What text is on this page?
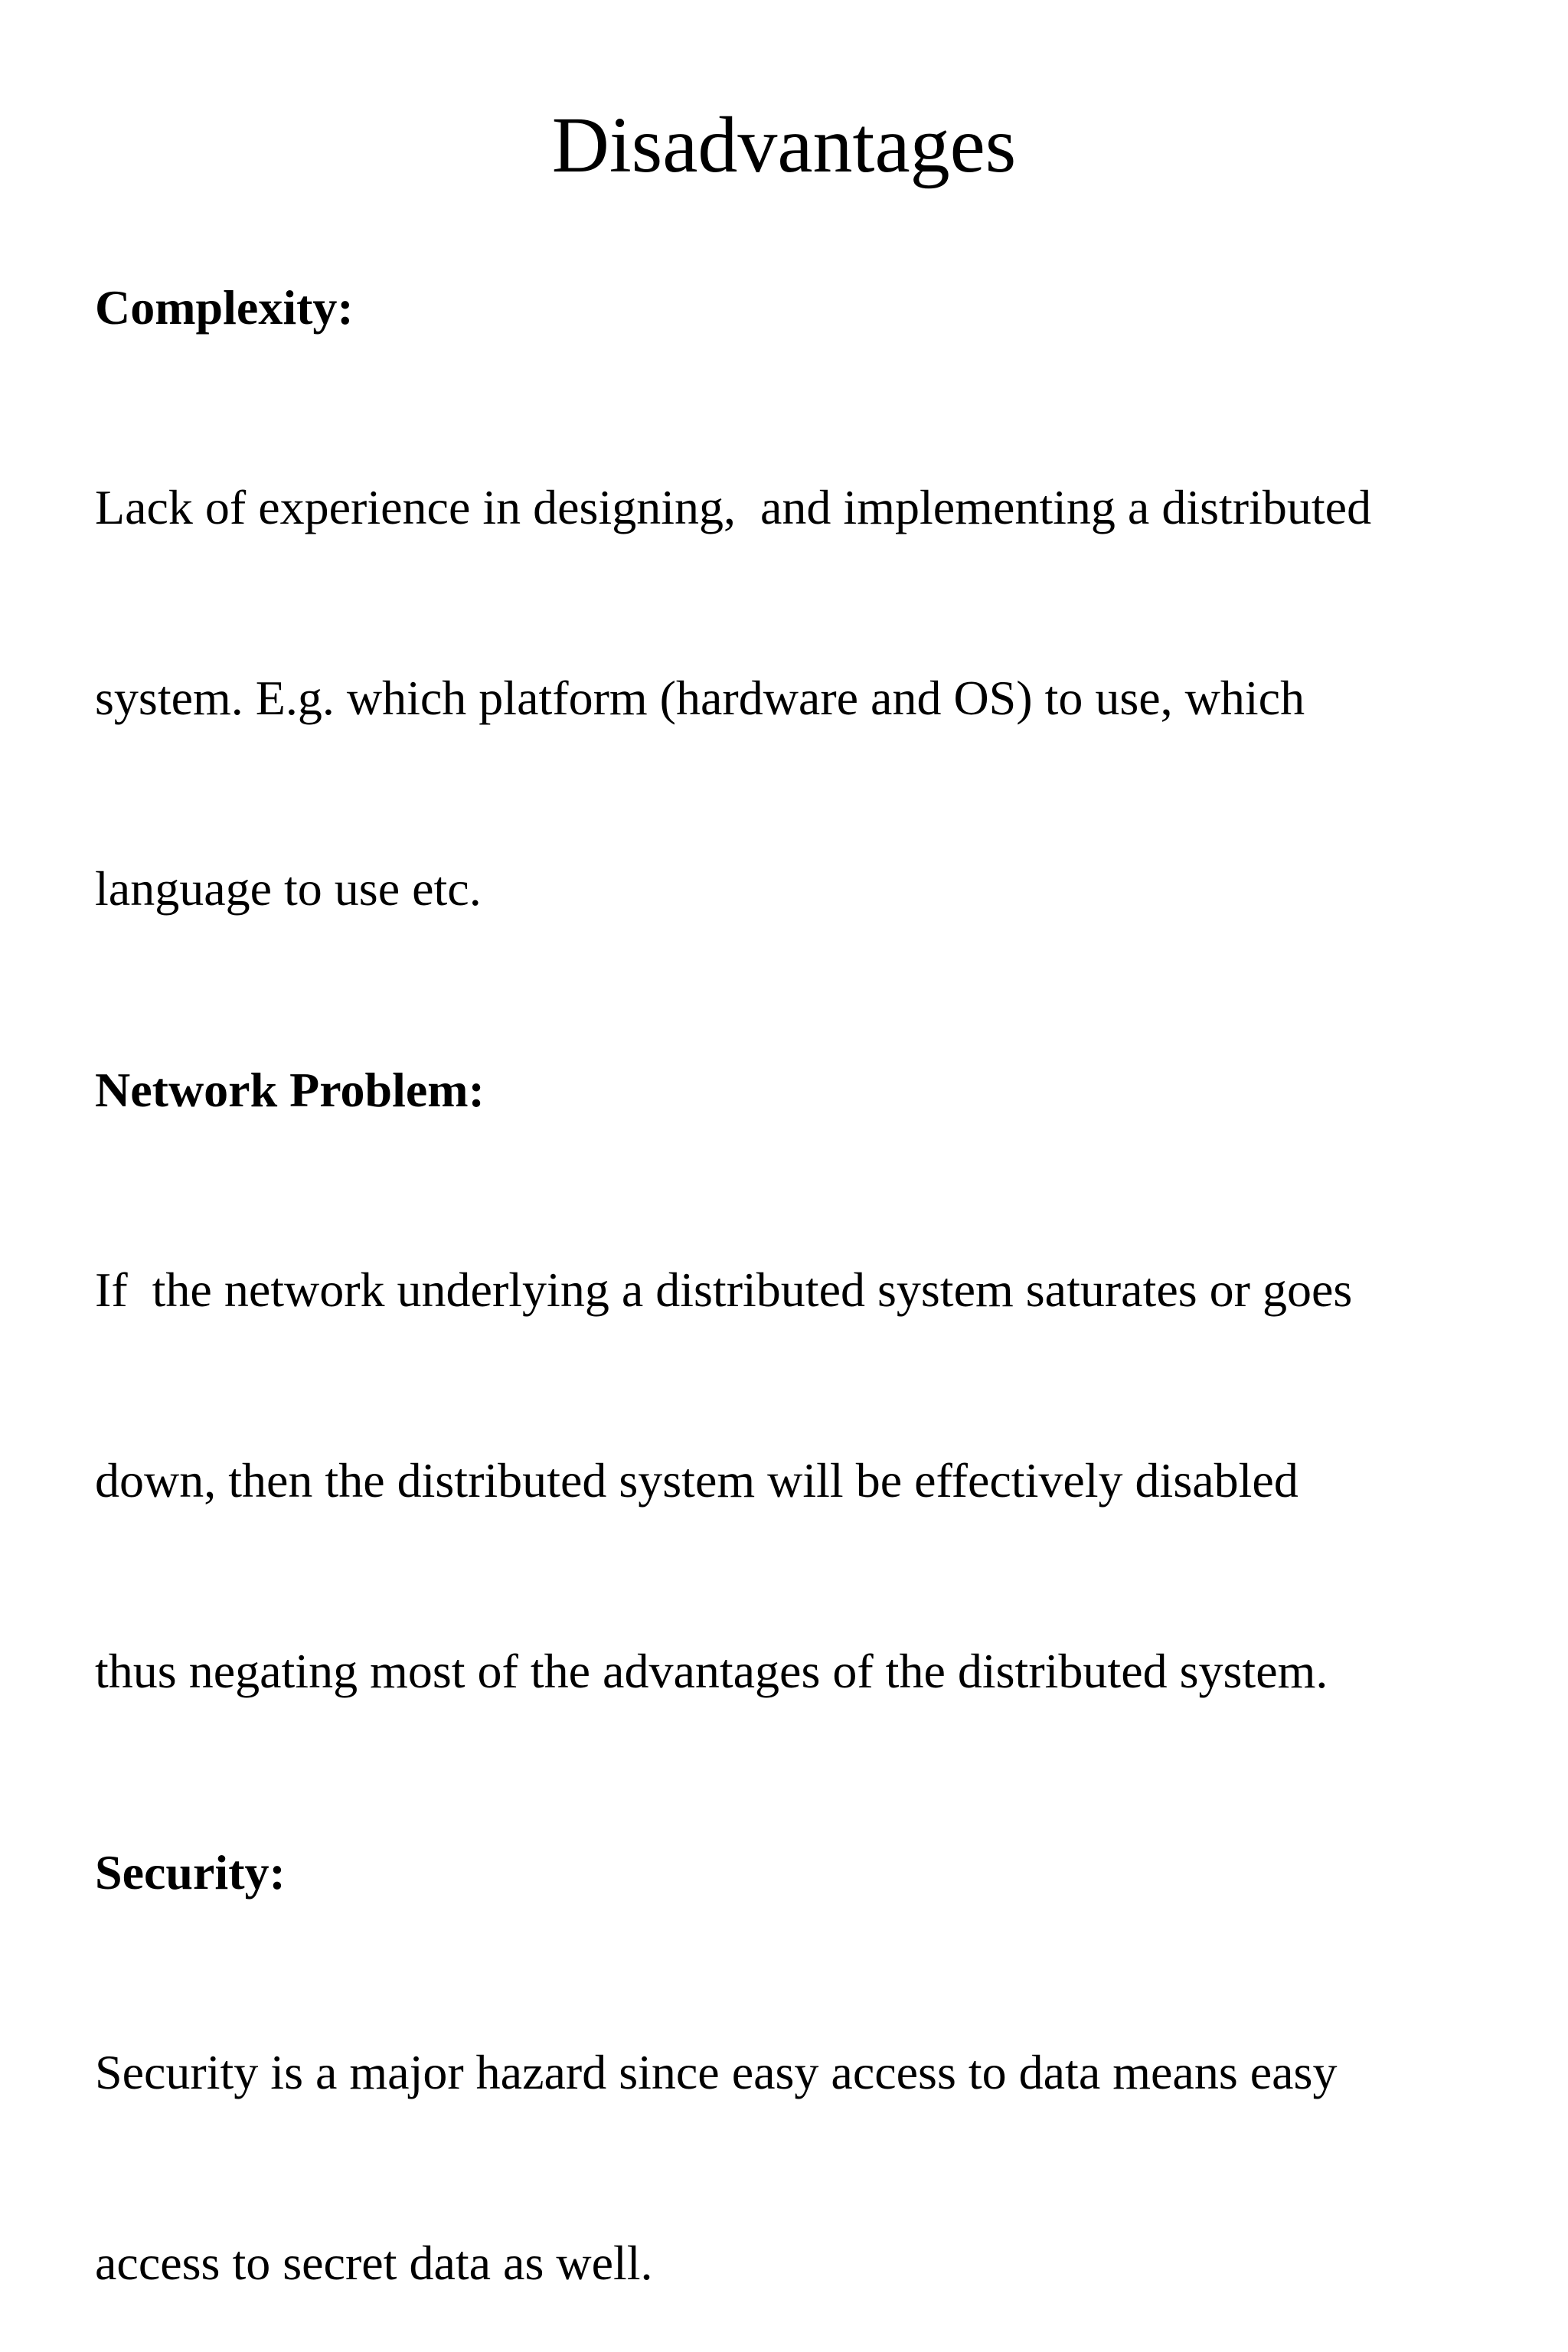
Disadvantages
Complexity:

Lack of experience in designing,  and implementing a distributed

system. E.g. which platform (hardware and OS) to use, which

language to use etc.

Network Problem:

If  the network underlying a distributed system saturates or goes

down, then the distributed system will be effectively disabled

thus negating most of the advantages of the distributed system.

Security:

Security is a major hazard since easy access to data means easy

access to secret data as well.
